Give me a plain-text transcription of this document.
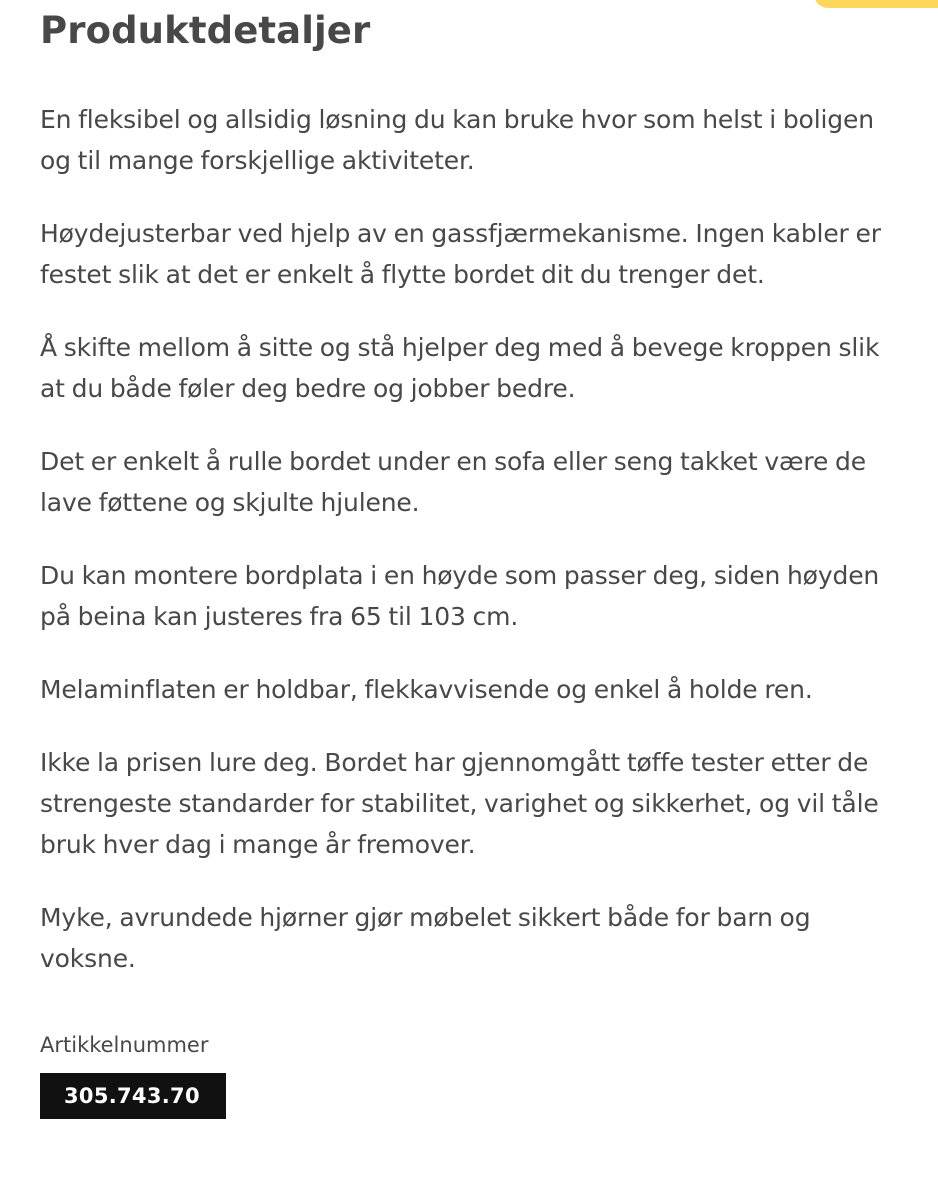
Produktdetaljer

En fleksibel og allsidig løsning du kan bruke hvor som helst i boligen og til mange forskjellige aktiviteter.

Høydejusterbar ved hjelp av en gassfjærmekanisme. Ingen kabler er festet slik at det er enkelt å flytte bordet dit du trenger det.

Å skifte mellom å sitte og stå hjelper deg med å bevege kroppen slik at du både føler deg bedre og jobber bedre.

Det er enkelt å rulle bordet under en sofa eller seng takket være de lave føttene og skjulte hjulene.

Du kan montere bordplata i en høyde som passer deg, siden høyden på beina kan justeres fra 65 til 103 cm.

Melaminflaten er holdbar, flekkavvisende og enkel å holde ren.

Ikke la prisen lure deg. Bordet har gjennomgått tøffe tester etter de strengeste standarder for stabilitet, varighet og sikkerhet, og vil tåle bruk hver dag i mange år fremover.

Myke, avrundede hjørner gjør møbelet sikkert både for barn og voksne.

Artikkelnummer
305.743.70
